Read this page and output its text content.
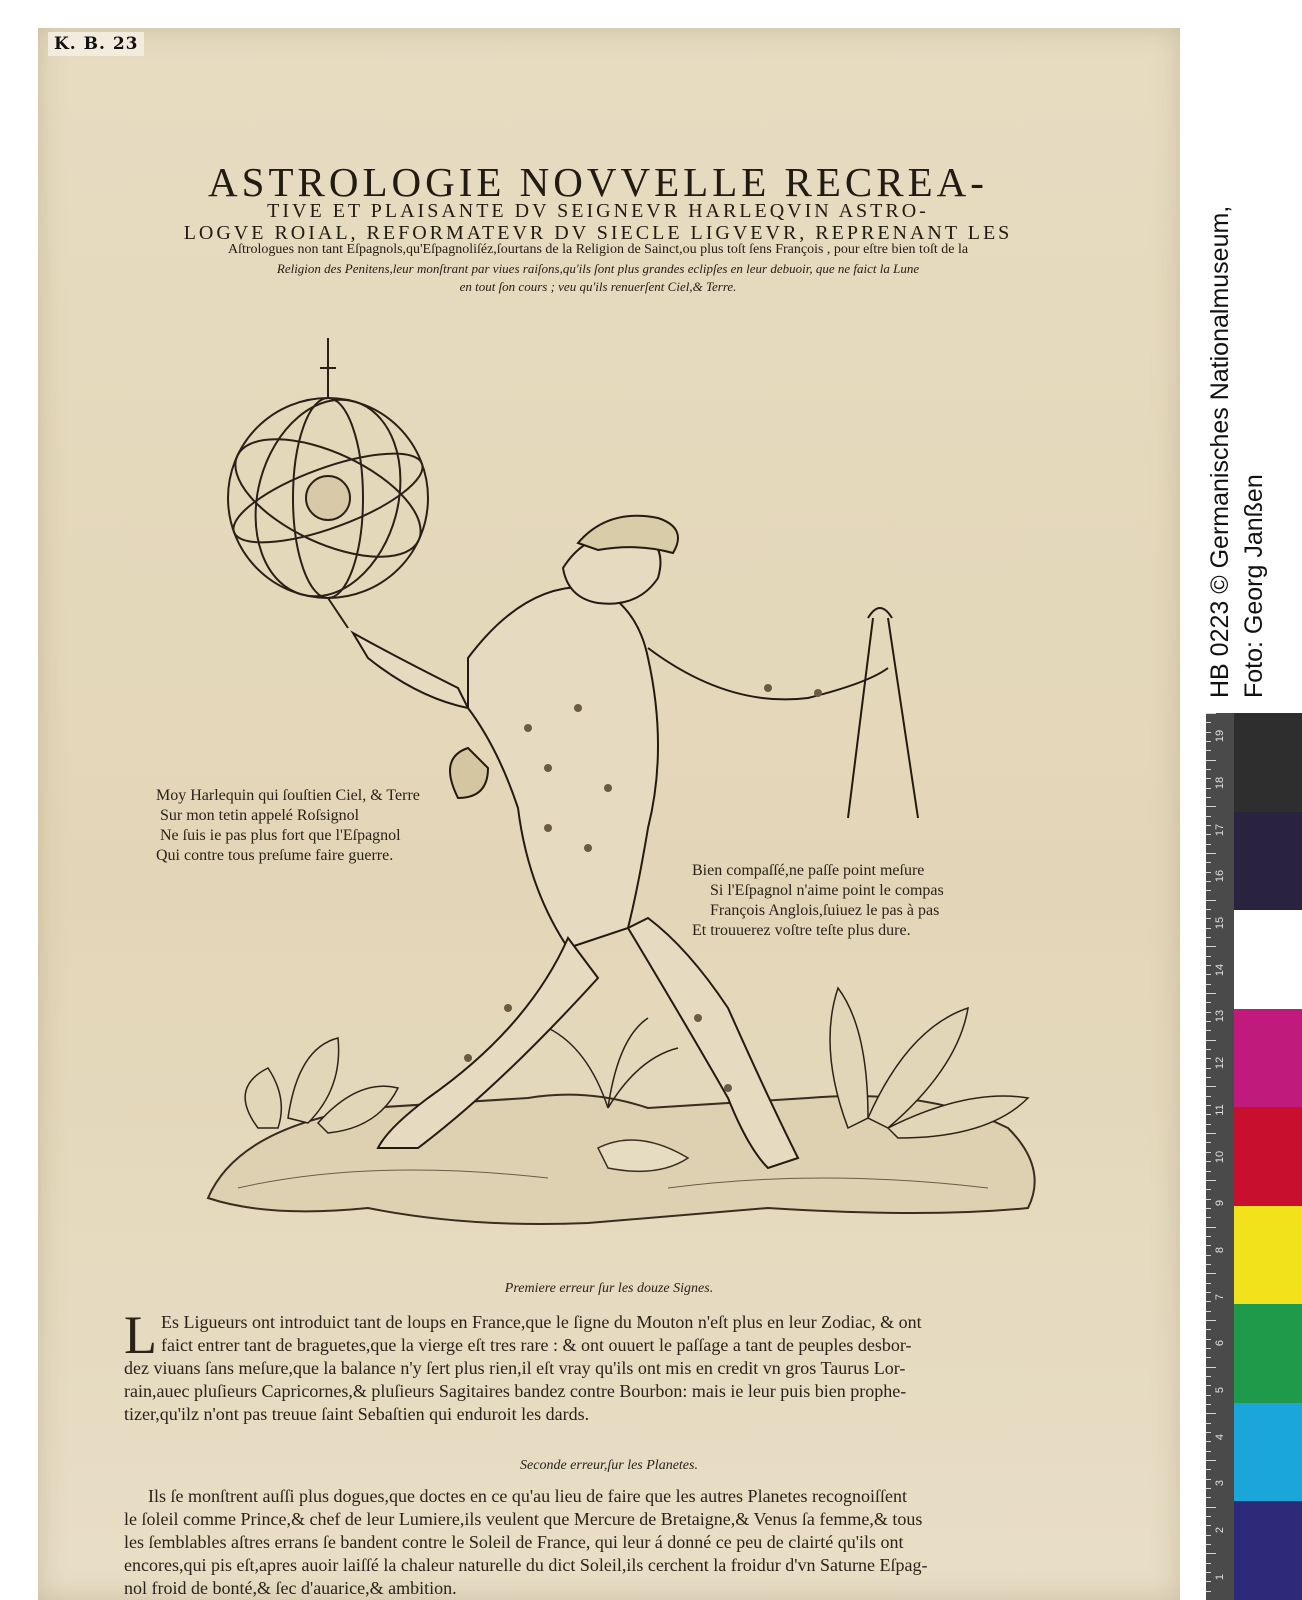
K. B. 23
ASTROLOGIE NOVVELLE RECREA-
TIVE ET PLAISANTE DV SEIGNEVR HARLEQVIN ASTRO-
LOGVE ROIAL, REFORMATEVR DV SIECLE LIGVEVR, REPRENANT LES
Aſtrologues non tant Eſpagnols,qu'Eſpagnoliſéz,ſourtans de la Religion de Sainct,ou plus toſt ſens François , pour eſtre bien toſt de la
Religion des Penitens,leur monſtrant par viues raiſons,qu'ils ſont plus grandes eclipſes en leur debuoir, que ne faict la Lune
en tout ſon cours ; veu qu'ils renuerſent Ciel,& Terre.
Moy Harlequin qui ſouſtien Ciel, & Terre
Sur mon tetin appelé Roſsignol
Ne ſuis ie pas plus fort que l'Eſpagnol
Qui contre tous preſume faire guerre.
Bien compaſſé,ne paſſe point meſure
Si l'Eſpagnol n'aime point le compas
François Anglois,ſuiuez le pas à pas
Et trouuerez voſtre teſte plus dure.
Premiere erreur ſur les douze Signes.
L Es Ligueurs ont introduict tant de loups en France,que le ſigne du Mouton n'eſt plus en leur Zodiac, & ont
faict entrer tant de braguetes,que la vierge eſt tres rare : & ont ouuert le paſſage a tant de peuples desbor-
dez viuans ſans meſure,que la balance n'y ſert plus rien,il eſt vray qu'ils ont mis en credit vn gros Taurus Lor-
rain,auec pluſieurs Capricornes,& pluſieurs Sagitaires bandez contre Bourbon: mais ie leur puis bien prophe-
tizer,qu'ilz n'ont pas treuue ſaint Sebaſtien qui enduroit les dards.
Seconde erreur,ſur les Planetes.
Ils ſe monſtrent auſſi plus dogues,que doctes en ce qu'au lieu de faire que les autres Planetes recognoiſſent
le ſoleil comme Prince,& chef de leur Lumiere,ils veulent que Mercure de Bretaigne,& Venus ſa femme,& tous
les ſemblables aſtres errans ſe bandent contre le Soleil de France, qui leur á donné ce peu de clairté qu'ils ont
encores,qui pis eſt,apres auoir laiſſé la chaleur naturelle du dict Soleil,ils cerchent la froidur d'vn Saturne Eſpag-
nol froid de bonté,& ſec d'auarice,& ambition.
HB 0223 © Germanisches Nationalmuseum, Foto: Georg Janßen
19
18
17
16
15
14
13
12
11
10
9
8
7
6
5
4
3
2
1
